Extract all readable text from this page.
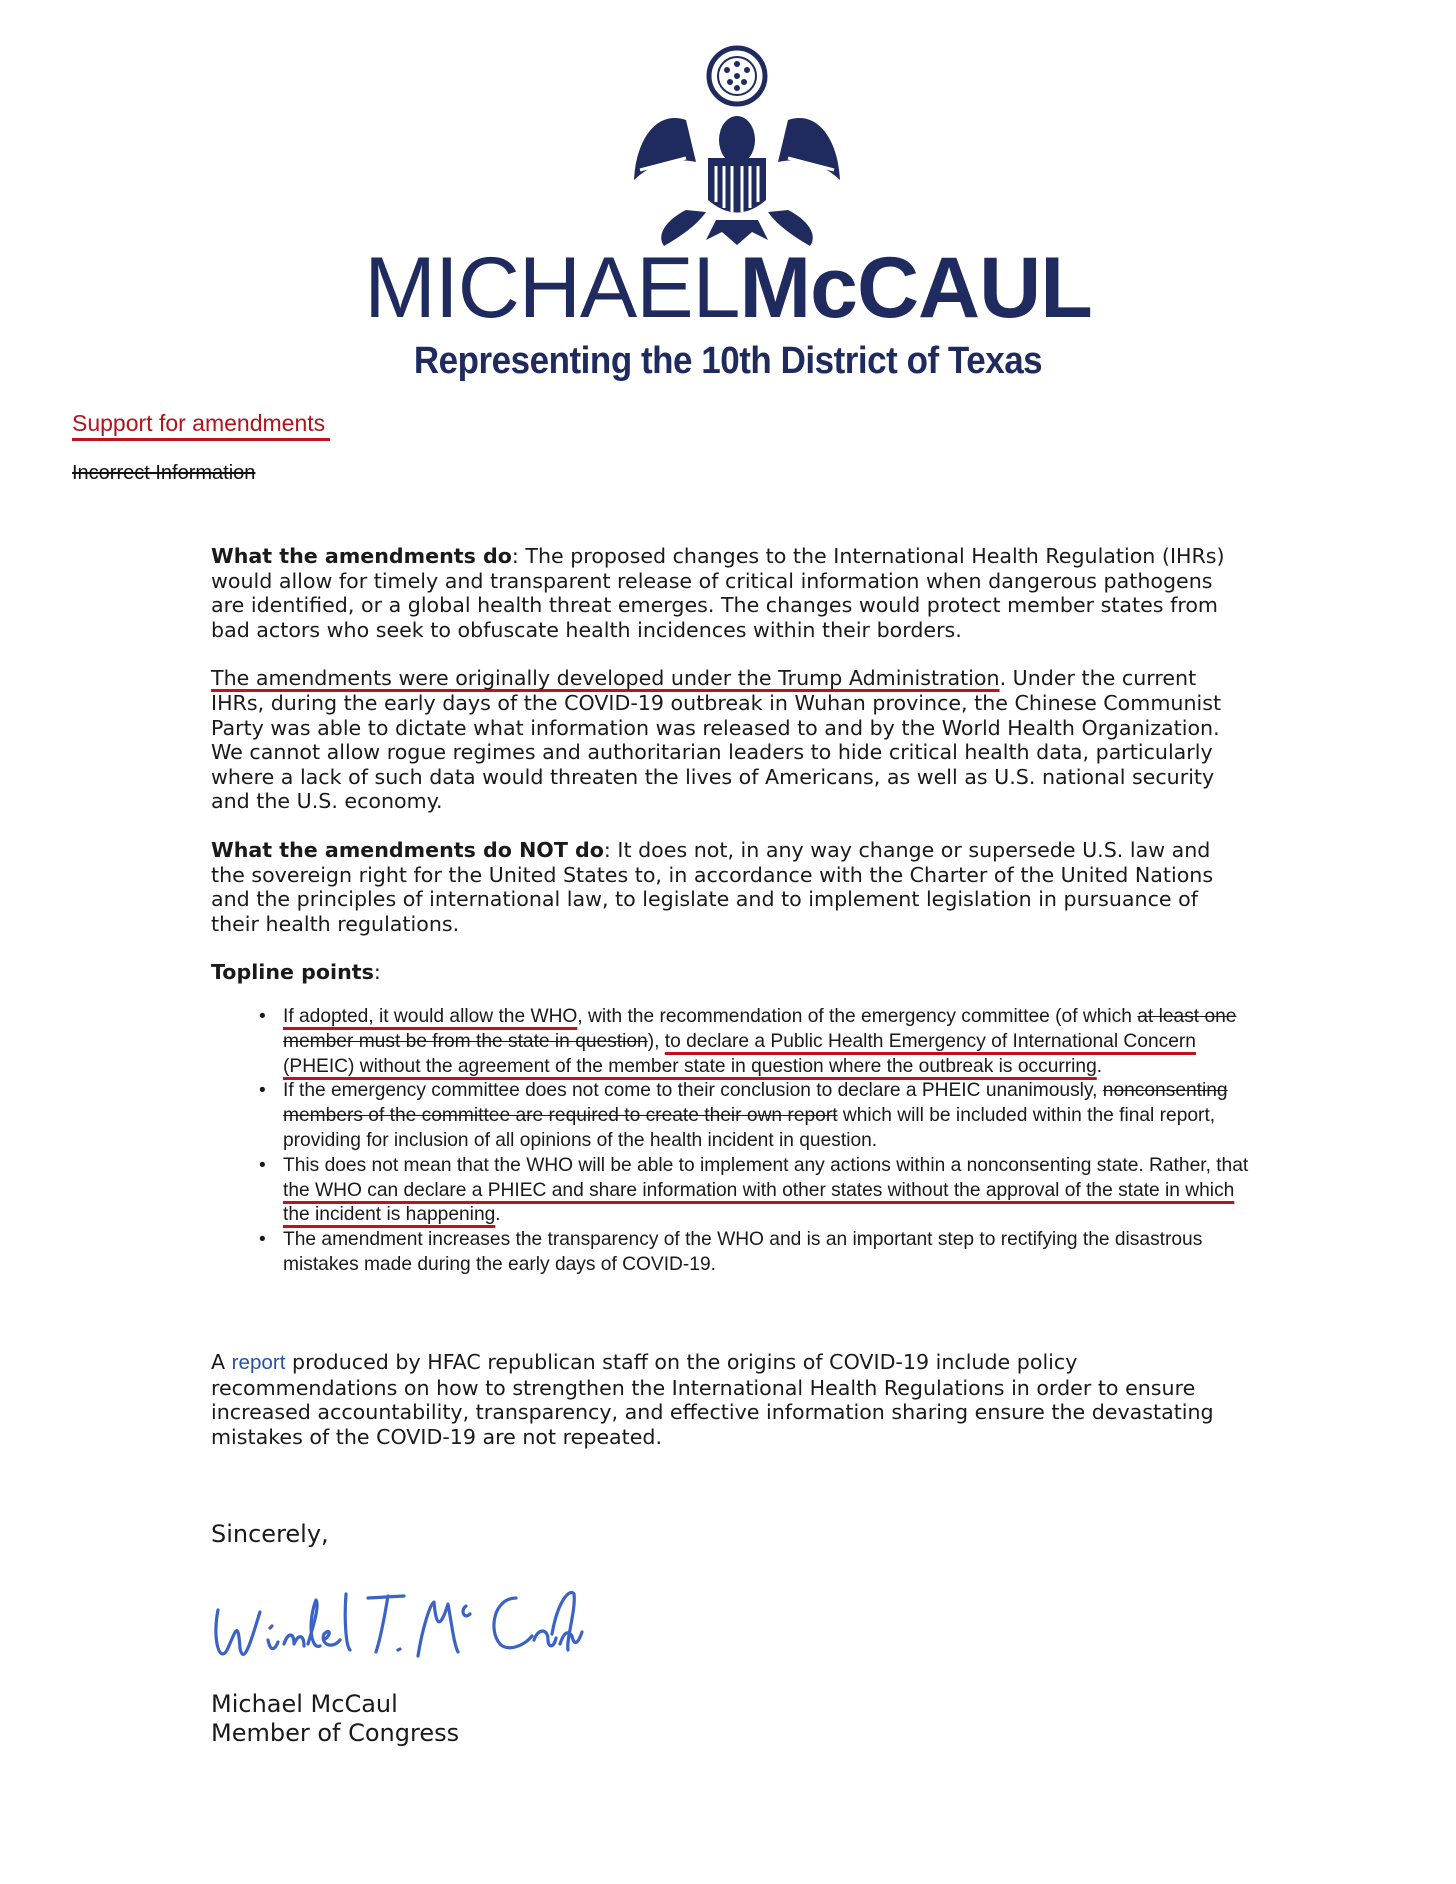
MICHAELMcCAUL
Representing the 10th District of Texas
Support for amendments
Incorrect Information

What the amendments do: The proposed changes to the International Health Regulation (IHRs) would allow for timely and transparent release of critical information when dangerous pathogens are identified, or a global health threat emerges. The changes would protect member states from bad actors who seek to obfuscate health incidences within their borders.

The amendments were originally developed under the Trump Administration. Under the current IHRs, during the early days of the COVID-19 outbreak in Wuhan province, the Chinese Communist Party was able to dictate what information was released to and by the World Health Organization. We cannot allow rogue regimes and authoritarian leaders to hide critical health data, particularly where a lack of such data would threaten the lives of Americans, as well as U.S. national security and the U.S. economy.

What the amendments do NOT do: It does not, in any way change or supersede U.S. law and the sovereign right for the United States to, in accordance with the Charter of the United Nations and the principles of international law, to legislate and to implement legislation in pursuance of their health regulations.

Topline points:

• If adopted, it would allow the WHO, with the recommendation of the emergency committee (of which at least one member must be from the state in question), to declare a Public Health Emergency of International Concern (PHEIC) without the agreement of the member state in question where the outbreak is occurring.
• If the emergency committee does not come to their conclusion to declare a PHEIC unanimously, nonconsenting members of the committee are required to create their own report which will be included within the final report, providing for inclusion of all opinions of the health incident in question.
• This does not mean that the WHO will be able to implement any actions within a nonconsenting state. Rather, that the WHO can declare a PHIEC and share information with other states without the approval of the state in which the incident is happening.
• The amendment increases the transparency of the WHO and is an important step to rectifying the disastrous mistakes made during the early days of COVID-19.

A report produced by HFAC republican staff on the origins of COVID-19 include policy recommendations on how to strengthen the International Health Regulations in order to ensure increased accountability, transparency, and effective information sharing ensure the devastating mistakes of the COVID-19 are not repeated.

Sincerely,
Michael McCaul
Member of Congress
